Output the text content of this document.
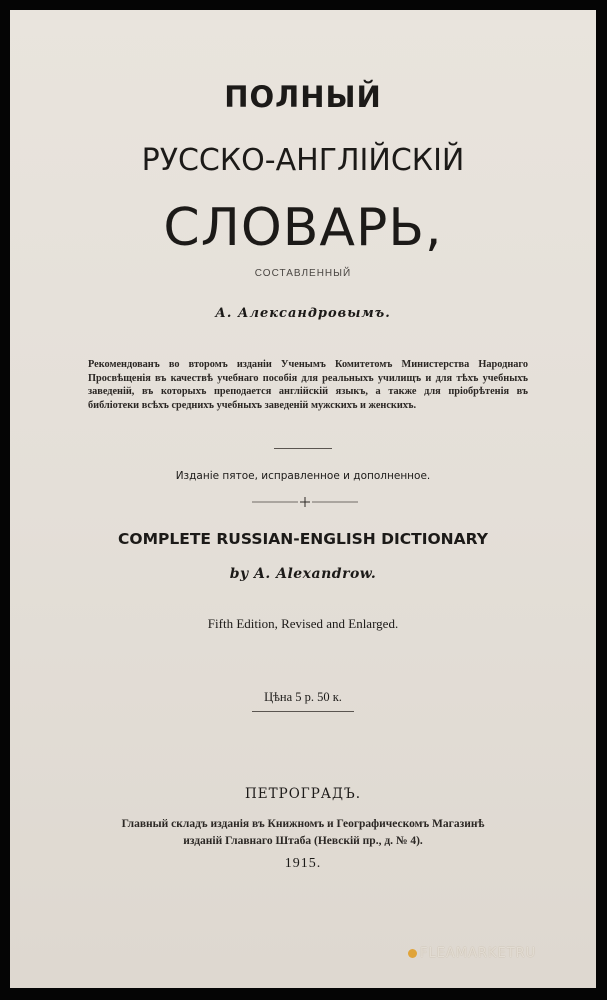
ПОЛНЫЙ
РУССКО-АНГЛІЙСКІЙ
СЛОВАРЬ,
СОСТАВЛЕННЫЙ
А. Александровымъ.
Рекомендованъ во второмъ изданіи Ученымъ Комитетомъ Министерства Народнаго Просвѣщенія въ качествѣ учебнаго пособія для реальныхъ училищъ и для тѣхъ учебныхъ заведеній, въ которыхъ преподается англійскій языкъ, а также для пріобрѣтенія въ библіотеки всѣхъ среднихъ учебныхъ заведеній мужскихъ и женскихъ.
Изданіе пятое, исправленное и дополненное.
COMPLETE RUSSIAN-ENGLISH DICTIONARY
by A. Alexandrow.
Fifth Edition, Revised and Enlarged.
Цѣна 5 р. 50 к.
ПЕТРОГРАДЪ.
Главный складъ изданія въ Книжномъ и Географическомъ Магазинѣ
изданій Главнаго Штаба (Невскій пр., д. № 4).
1915.
FLEAMARKETRU
